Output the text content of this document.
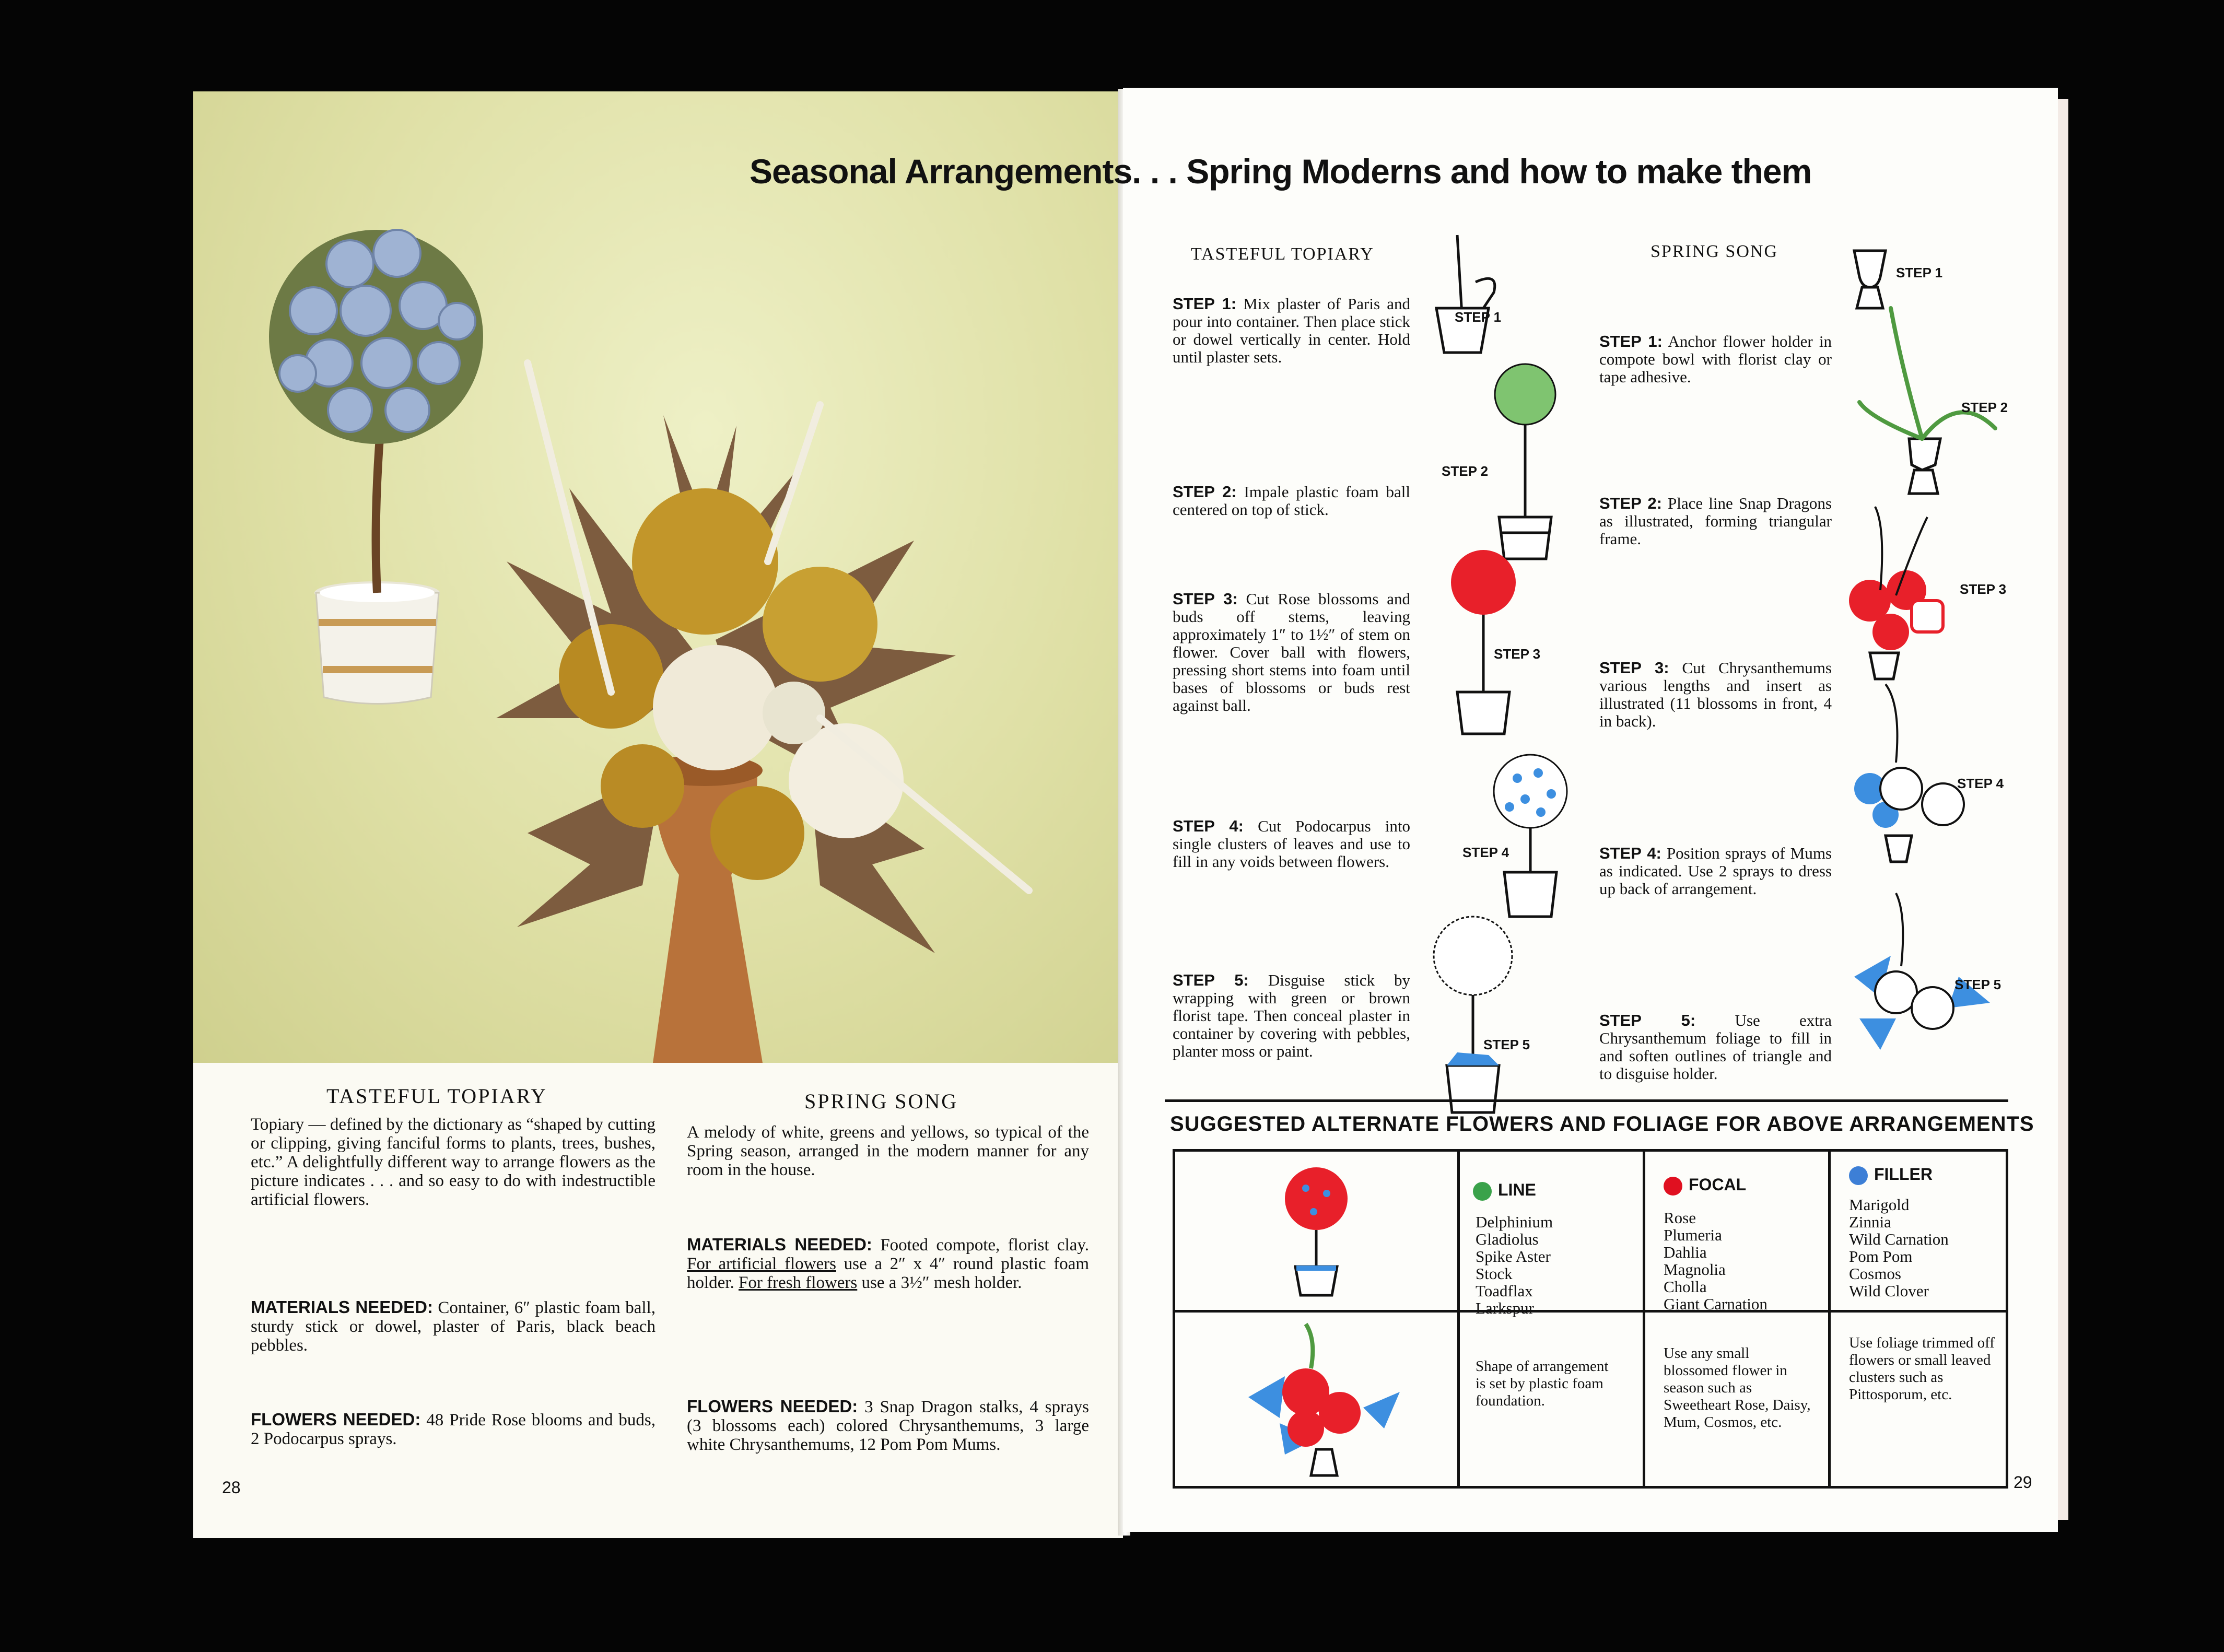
TASTEFUL TOPIARY
Topiary — defined by the dictionary as “shaped by cutting or clipping, giving fanciful forms to plants, trees, bushes, etc.” A delightfully different way to arrange flowers as the picture indicates . . . and so easy to do with indestructible artificial flowers.
MATERIALS NEEDED: Container, 6″ plastic foam ball, sturdy stick or dowel, plaster of Paris, black beach pebbles.
FLOWERS NEEDED: 48 Pride Rose blooms and buds, 2 Podocarpus sprays.
SPRING SONG
A melody of white, greens and yellows, so typical of the Spring season, arranged in the modern manner for any room in the house.
MATERIALS NEEDED: Footed compote, florist clay. For artificial flowers use a 2″ x 4″ round plastic foam holder. For fresh flowers use a 3½″ mesh holder.
FLOWERS NEEDED: 3 Snap Dragon stalks, 4 sprays (3 blossoms each) colored Chrysanthemums, 3 large white Chrysanthemums, 12 Pom Pom Mums.
28
Seasonal Arrangements. . . Spring Moderns and how to make them
TASTEFUL TOPIARY
STEP 1: Mix plaster of Paris and pour into container. Then place stick or dowel vertically in center. Hold until plaster sets.
STEP 2: Impale plastic foam ball centered on top of stick.
STEP 3: Cut Rose blossoms and buds off stems, leaving approximately 1″ to 1½″ of stem on flower. Cover ball with flowers, pressing short stems into foam until bases of blossoms or buds rest against ball.
STEP 4: Cut Podocarpus into single clusters of leaves and use to fill in any voids between flowers.
STEP 5: Disguise stick by wrapping with green or brown florist tape. Then conceal plaster in container by covering with pebbles, planter moss or paint.
STEP 1
STEP 2
STEP 3
STEP 4
STEP 5
SPRING SONG
STEP 1: Anchor flower holder in compote bowl with florist clay or tape adhesive.
STEP 2: Place line Snap Dragons as illustrated, forming triangular frame.
STEP 3: Cut Chrysanthemums various lengths and insert as illustrated (11 blossoms in front, 4 in back).
STEP 4: Position sprays of Mums as indicated. Use 2 sprays to dress up back of arrangement.
STEP 5: Use extra Chrysanthemum foliage to fill in and soften outlines of triangle and to disguise holder.
STEP 1
STEP 2
STEP 3
STEP 4
STEP 5
SUGGESTED ALTERNATE FLOWERS AND FOLIAGE FOR ABOVE ARRANGEMENTS
LINE
Delphinium
Gladiolus
Spike Aster
Stock
Toadflax
Larkspur
Shape of arrangement is set by plastic foam foundation.
FOCAL
Rose
Plumeria
Dahlia
Magnolia
Cholla
Giant Carnation
Use any small blossomed flower in season such as Sweetheart Rose, Daisy, Mum, Cosmos, etc.
FILLER
Marigold
Zinnia
Wild Carnation
Pom Pom
Cosmos
Wild Clover
Use foliage trimmed off flowers or small leaved clusters such as Pittosporum, etc.
29
